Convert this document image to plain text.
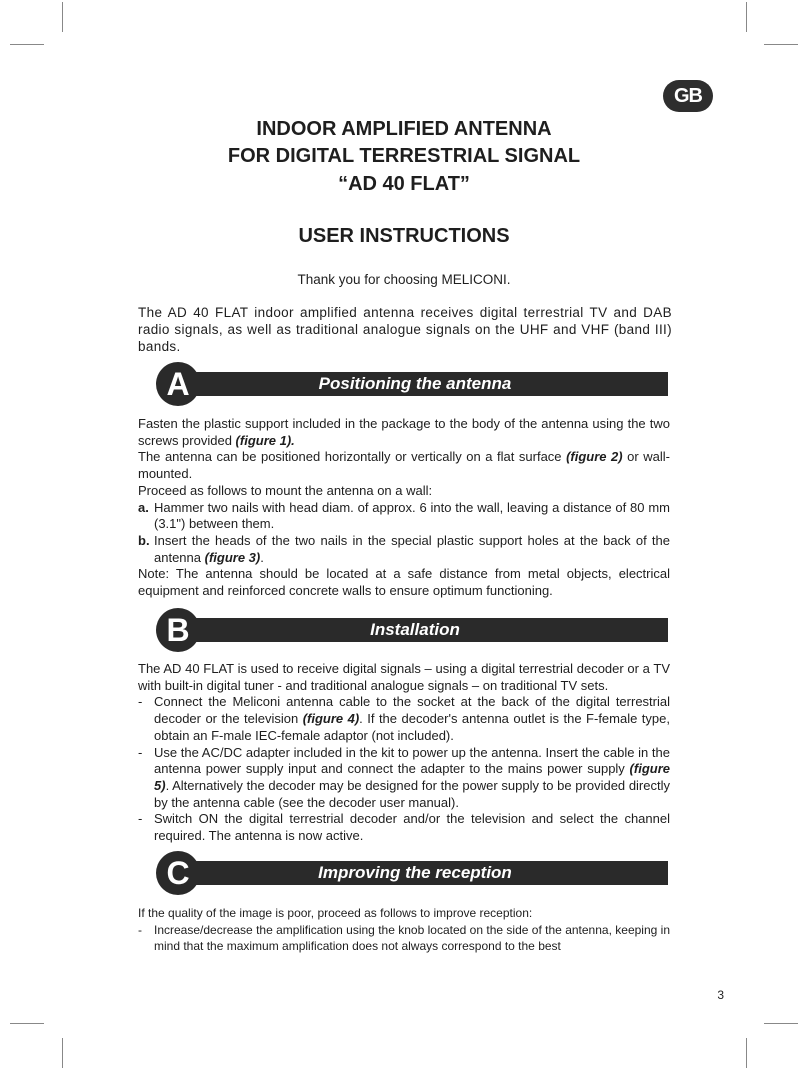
GB
INDOOR AMPLIFIED ANTENNA
FOR DIGITAL TERRESTRIAL SIGNAL
“AD 40 FLAT”
USER INSTRUCTIONS

Thank you for choosing MELICONI.

The AD 40 FLAT indoor amplified antenna receives digital terrestrial TV and DAB radio signals, as well as traditional analogue signals on the UHF and VHF (band III) bands.

Positioning the antenna
A

Fasten the plastic support included in the package to the body of the antenna using the two screws provided (figure 1).

The antenna can be positioned horizontally or vertically on a flat surface (figure 2) or wall-mounted.

Proceed as follows to mount the antenna on a wall:

a. Hammer two nails with head diam. of approx. 6 into the wall, leaving a distance of 80 mm (3.1") between them.
b. Insert the heads of the two nails in the special plastic support holes at the back of the antenna (figure 3).

Note: The antenna should be located at a safe distance from metal objects, electrical equipment and reinforced concrete walls to ensure optimum functioning.

Installation
B

The AD 40 FLAT is used to receive digital signals – using a digital terrestrial decoder or a TV with built-in digital tuner - and traditional analogue signals – on traditional TV sets.

- Connect the Meliconi antenna cable to the socket at the back of the digital terrestrial decoder or the television (figure 4). If the decoder's antenna outlet is the F-female type, obtain an F-male IEC-female adaptor (not included).
- Use the AC/DC adapter included in the kit to power up the antenna. Insert the cable in the antenna power supply input and connect the adapter to the mains power supply (figure 5). Alternatively the decoder may be designed for the power supply to be provided directly by the antenna cable (see the decoder user manual).
- Switch ON the digital terrestrial decoder and/or the television and select the channel required. The antenna is now active.
Improving the reception
C

If the quality of the image is poor, proceed as follows to improve reception:

-	Increase/decrease the amplification using the knob located on the side of the antenna, keeping in mind that the maximum amplification does not always correspond to the best
3
